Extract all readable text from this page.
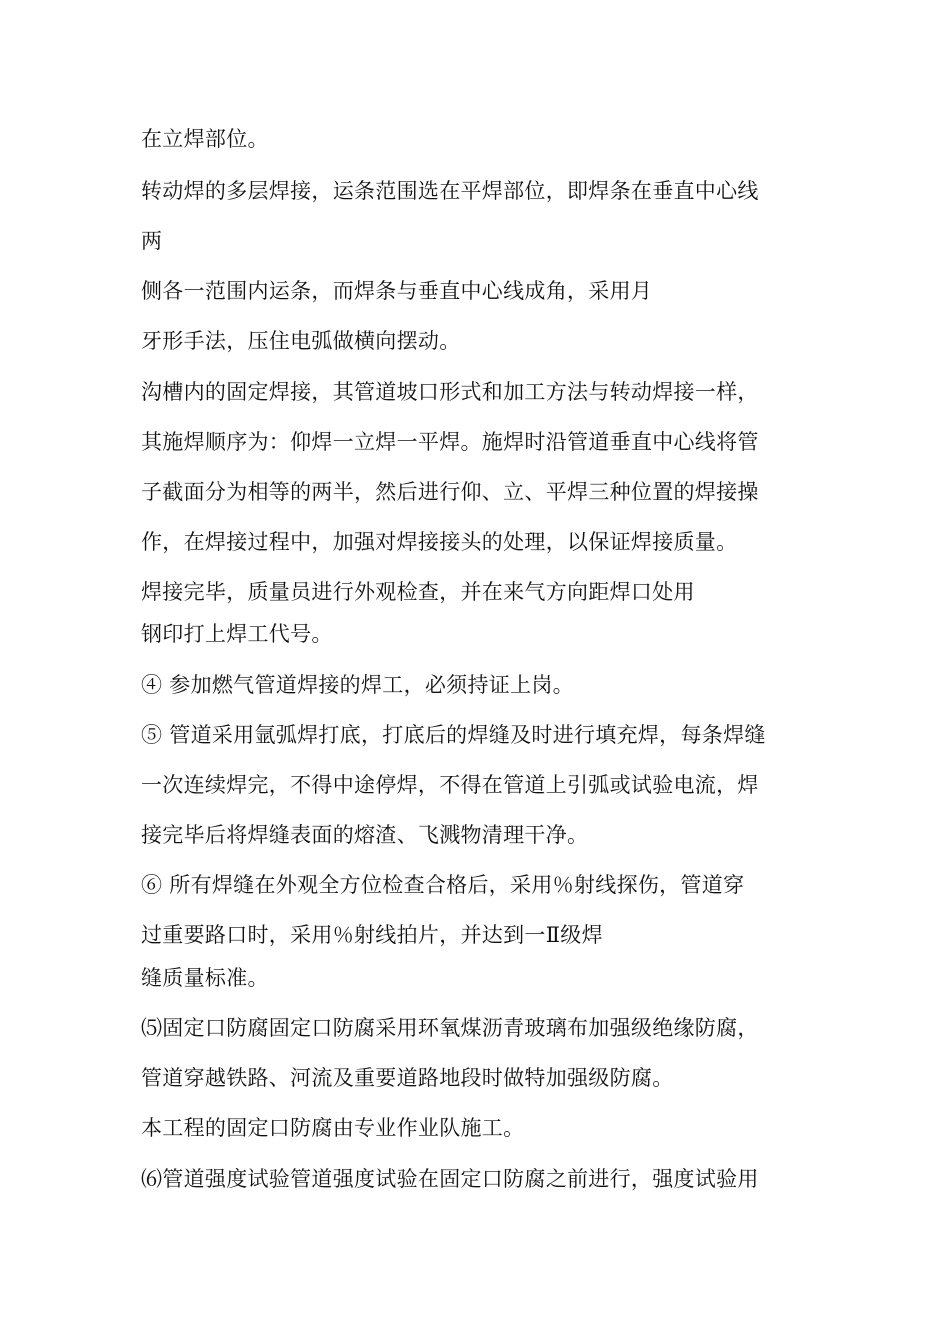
在立焊部位。

转动焊的多层焊接，运条范围选在平焊部位，即焊条在垂直中心线

两

侧各一范围内运条，而焊条与垂直中心线成角，采用月

牙形手法，压住电弧做横向摆动。

沟槽内的固定焊接，其管道坡口形式和加工方法与转动焊接一样，

其施焊顺序为：仰焊一立焊一平焊。施焊时沿管道垂直中心线将管

子截面分为相等的两半，然后进行仰、立、平焊三种位置的焊接操

作，在焊接过程中，加强对焊接接头的处理，以保证焊接质量。

焊接完毕，质量员进行外观检查，并在来气方向距焊口处用

钢印打上焊工代号。

④ 参加燃气管道焊接的焊工，必须持证上岗。

⑤ 管道采用氩弧焊打底，打底后的焊缝及时进行填充焊，每条焊缝

一次连续焊完，不得中途停焊，不得在管道上引弧或试验电流，焊

接完毕后将焊缝表面的熔渣、飞溅物清理干净。

⑥ 所有焊缝在外观全方位检查合格后，采用％射线探伤，管道穿

过重要路口时，采用％射线拍片，并达到一Ⅱ级焊

缝质量标准。

⑸固定口防腐固定口防腐采用环氧煤沥青玻璃布加强级绝缘防腐，

管道穿越铁路、河流及重要道路地段时做特加强级防腐。

本工程的固定口防腐由专业作业队施工。

⑹管道强度试验管道强度试验在固定口防腐之前进行，强度试验用
